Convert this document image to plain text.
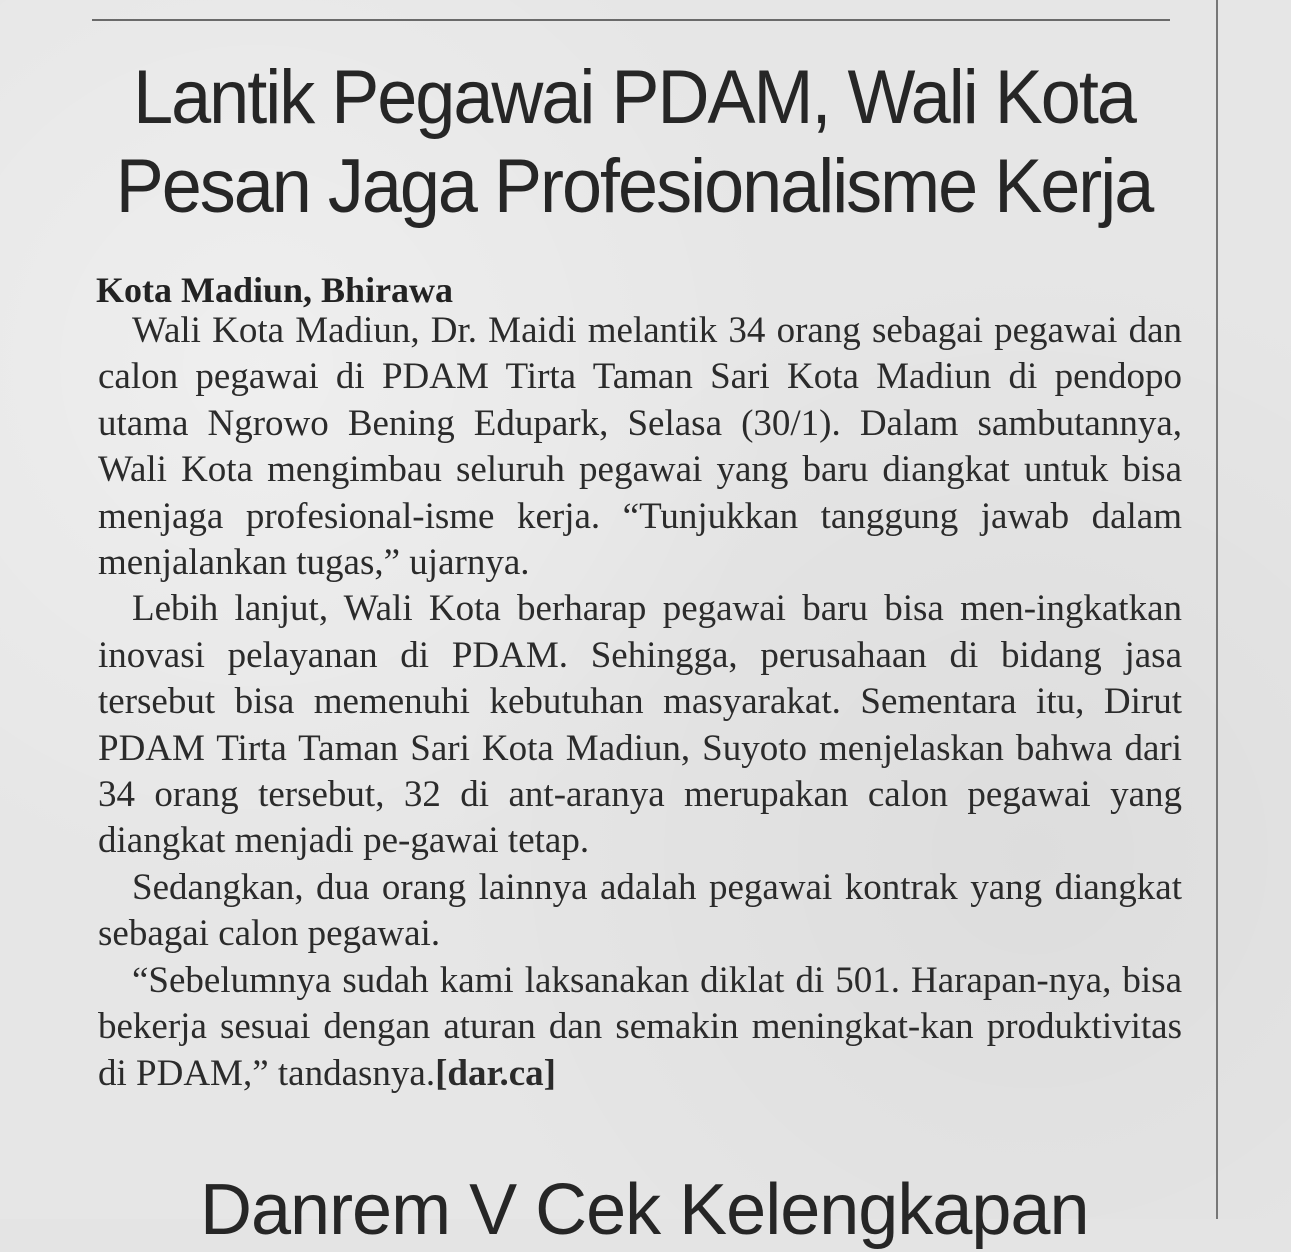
Lantik Pegawai PDAM, Wali Kota
Pesan Jaga Profesionalisme Kerja

Kota Madiun, Bhirawa

Wali Kota Madiun, Dr. Maidi melantik 34 orang sebagai pegawai dan calon pegawai di PDAM Tirta Taman Sari Kota Madiun di pendopo utama Ngrowo Bening Edupark, Selasa (30/1). Dalam sambutannya, Wali Kota mengimbau seluruh pegawai yang baru diangkat untuk bisa menjaga profesional-isme kerja. “Tunjukkan tanggung jawab dalam menjalankan tugas,” ujarnya.

Lebih lanjut, Wali Kota berharap pegawai baru bisa men-ingkatkan inovasi pelayanan di PDAM. Sehingga, perusahaan di bidang jasa tersebut bisa memenuhi kebutuhan masyarakat. Sementara itu, Dirut PDAM Tirta Taman Sari Kota Madiun, Suyoto menjelaskan bahwa dari 34 orang tersebut, 32 di ant-aranya merupakan calon pegawai yang diangkat menjadi pe-gawai tetap.

Sedangkan, dua orang lainnya adalah pegawai kontrak yang diangkat sebagai calon pegawai.

“Sebelumnya sudah kami laksanakan diklat di 501. Harapan-nya, bisa bekerja sesuai dengan aturan dan semakin meningkat-kan produktivitas di PDAM,” tandasnya.[dar.ca]

Danrem V Cek Kelengkapan
